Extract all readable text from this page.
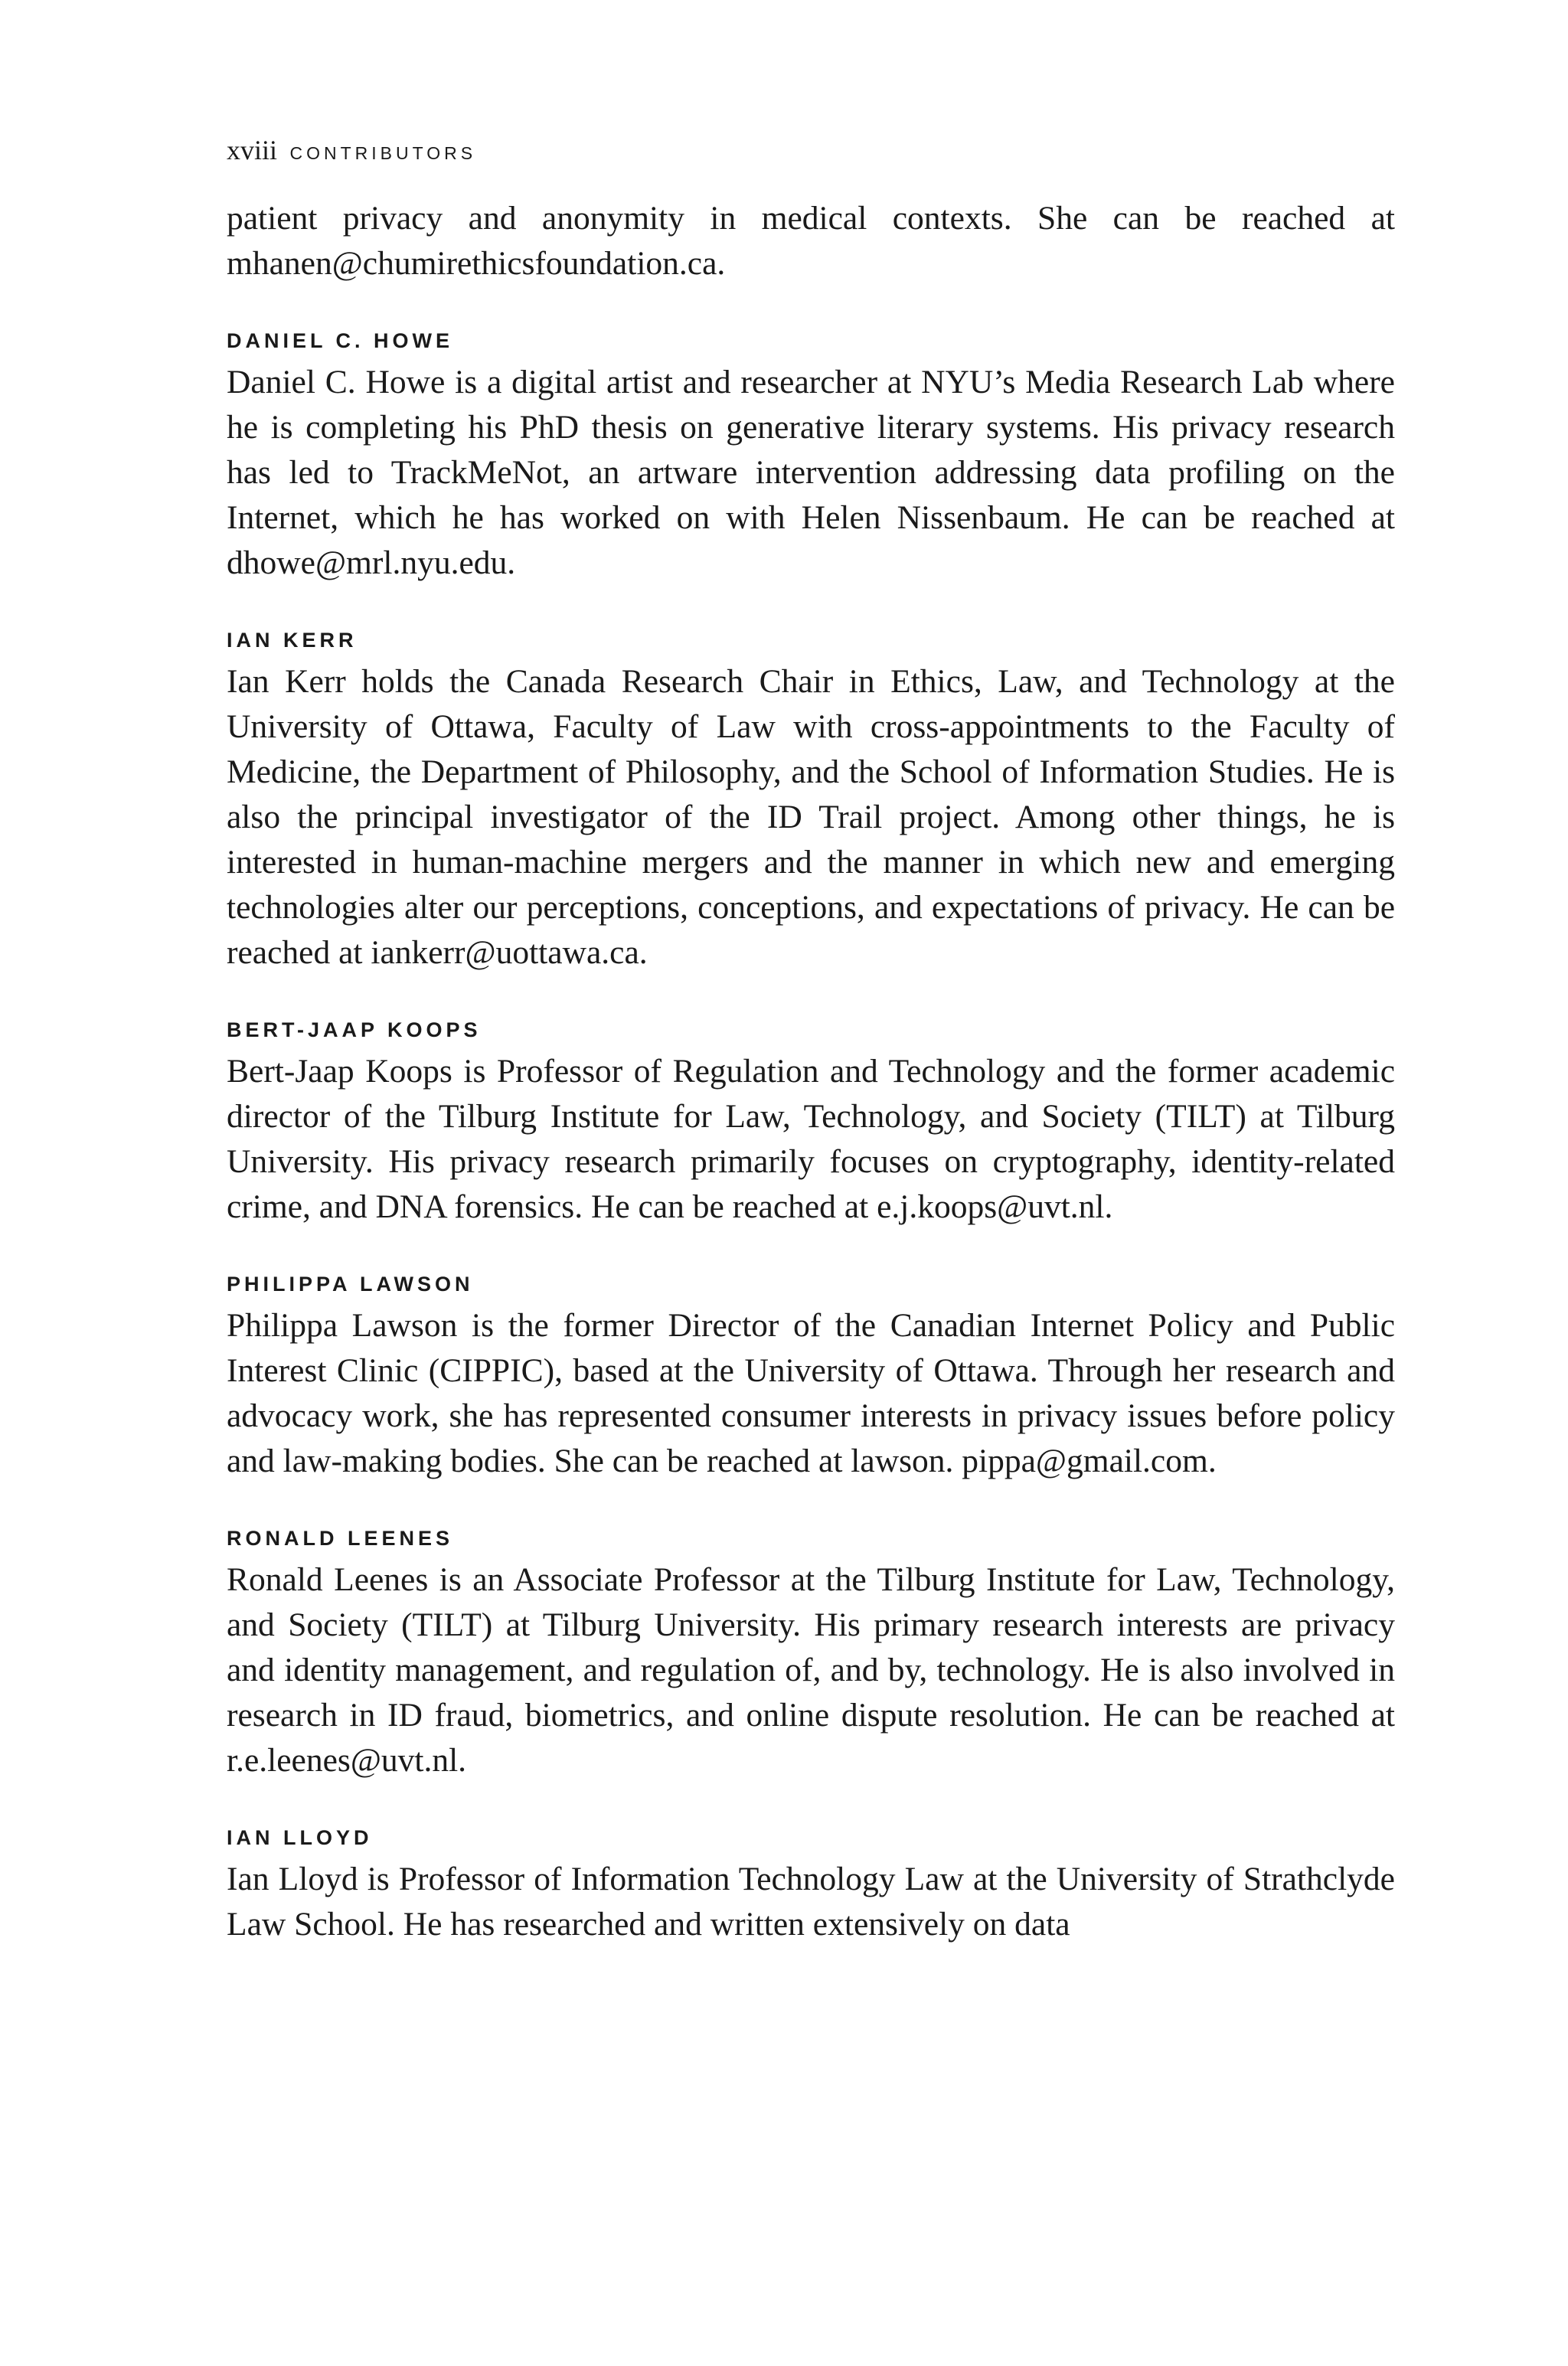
xviii CONTRIBUTORS

patient privacy and anonymity in medical contexts. She can be reached at mhanen@chumirethicsfoundation.ca.

DANIEL C. HOWE

Daniel C. Howe is a digital artist and researcher at NYU’s Media Research Lab where he is completing his PhD thesis on generative literary systems. His privacy research has led to TrackMeNot, an artware intervention addressing data profiling on the Internet, which he has worked on with Helen Nissenbaum. He can be reached at dhowe@mrl.nyu.edu.

IAN KERR

Ian Kerr holds the Canada Research Chair in Ethics, Law, and Technology at the University of Ottawa, Faculty of Law with cross-appointments to the Faculty of Medicine, the Department of Philosophy, and the School of Information Studies. He is also the principal investigator of the ID Trail project. Among other things, he is interested in human-machine mergers and the manner in which new and emerging technologies alter our perceptions, conceptions, and expectations of privacy. He can be reached at iankerr@uottawa.ca.

BERT-JAAP KOOPS

Bert-Jaap Koops is Professor of Regulation and Technology and the former academic director of the Tilburg Institute for Law, Technology, and Society (TILT) at Tilburg University. His privacy research primarily focuses on cryptography, identity-related crime, and DNA forensics. He can be reached at e.j.koops@uvt.nl.

PHILIPPA LAWSON

Philippa Lawson is the former Director of the Canadian Internet Policy and Public Interest Clinic (CIPPIC), based at the University of Ottawa. Through her research and advocacy work, she has represented consumer interests in privacy issues before policy and law-making bodies. She can be reached at lawson. pippa@gmail.com.

RONALD LEENES

Ronald Leenes is an Associate Professor at the Tilburg Institute for Law, Technology, and Society (TILT) at Tilburg University. His primary research interests are privacy and identity management, and regulation of, and by, technology. He is also involved in research in ID fraud, biometrics, and online dispute resolution. He can be reached at r.e.leenes@uvt.nl.

IAN LLOYD

Ian Lloyd is Professor of Information Technology Law at the University of Strathclyde Law School. He has researched and written extensively on data
